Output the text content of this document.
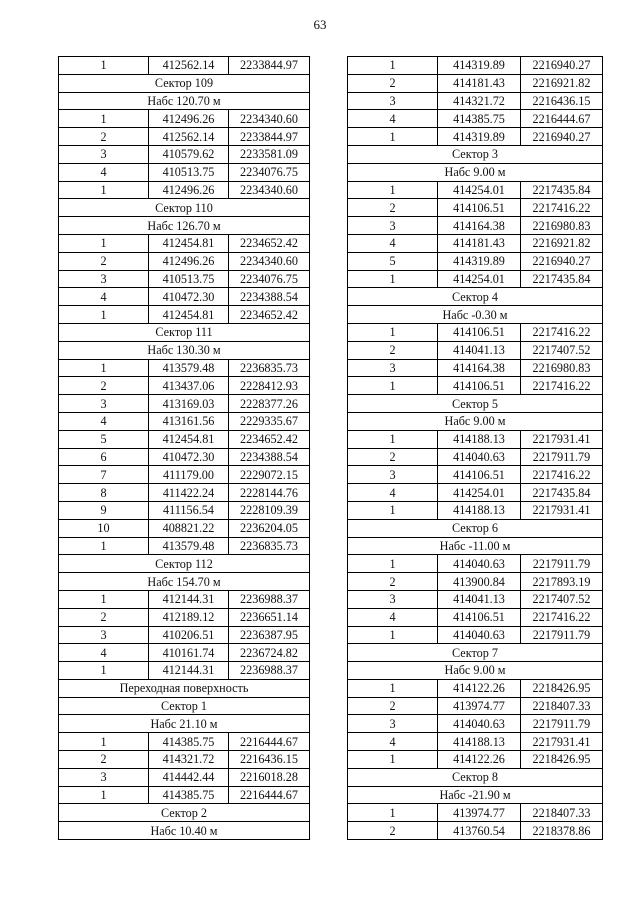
63
1	412562.14	2233844.97
Сектор 109		
Набс 120.70 м		
1	412496.26	2234340.60
2	412562.14	2233844.97
3	410579.62	2233581.09
4	410513.75	2234076.75
1	412496.26	2234340.60
Сектор 110		
Набс 126.70 м		
1	412454.81	2234652.42
2	412496.26	2234340.60
3	410513.75	2234076.75
4	410472.30	2234388.54
1	412454.81	2234652.42
Сектор 111		
Набс 130.30 м		
1	413579.48	2236835.73
2	413437.06	2228412.93
3	413169.03	2228377.26
4	413161.56	2229335.67
5	412454.81	2234652.42
6	410472.30	2234388.54
7	411179.00	2229072.15
8	411422.24	2228144.76
9	411156.54	2228109.39
10	408821.22	2236204.05
1	413579.48	2236835.73
Сектор 112		
Набс 154.70 м		
1	412144.31	2236988.37
2	412189.12	2236651.14
3	410206.51	2236387.95
4	410161.74	2236724.82
1	412144.31	2236988.37
Переходная поверхность		
Сектор 1		
Набс 21.10 м		
1	414385.75	2216444.67
2	414321.72	2216436.15
3	414442.44	2216018.28
1	414385.75	2216444.67
Сектор 2		
Набс 10.40 м		
1	414319.89	2216940.27
2	414181.43	2216921.82
3	414321.72	2216436.15
4	414385.75	2216444.67
1	414319.89	2216940.27
Сектор 3		
Набс 9.00 м		
1	414254.01	2217435.84
2	414106.51	2217416.22
3	414164.38	2216980.83
4	414181.43	2216921.82
5	414319.89	2216940.27
1	414254.01	2217435.84
Сектор 4		
Набс -0.30 м		
1	414106.51	2217416.22
2	414041.13	2217407.52
3	414164.38	2216980.83
1	414106.51	2217416.22
Сектор 5		
Набс 9.00 м		
1	414188.13	2217931.41
2	414040.63	2217911.79
3	414106.51	2217416.22
4	414254.01	2217435.84
1	414188.13	2217931.41
Сектор 6		
Набс -11.00 м		
1	414040.63	2217911.79
2	413900.84	2217893.19
3	414041.13	2217407.52
4	414106.51	2217416.22
1	414040.63	2217911.79
Сектор 7		
Набс 9.00 м		
1	414122.26	2218426.95
2	413974.77	2218407.33
3	414040.63	2217911.79
4	414188.13	2217931.41
1	414122.26	2218426.95
Сектор 8		
Набс -21.90 м		
1	413974.77	2218407.33
2	413760.54	2218378.86
